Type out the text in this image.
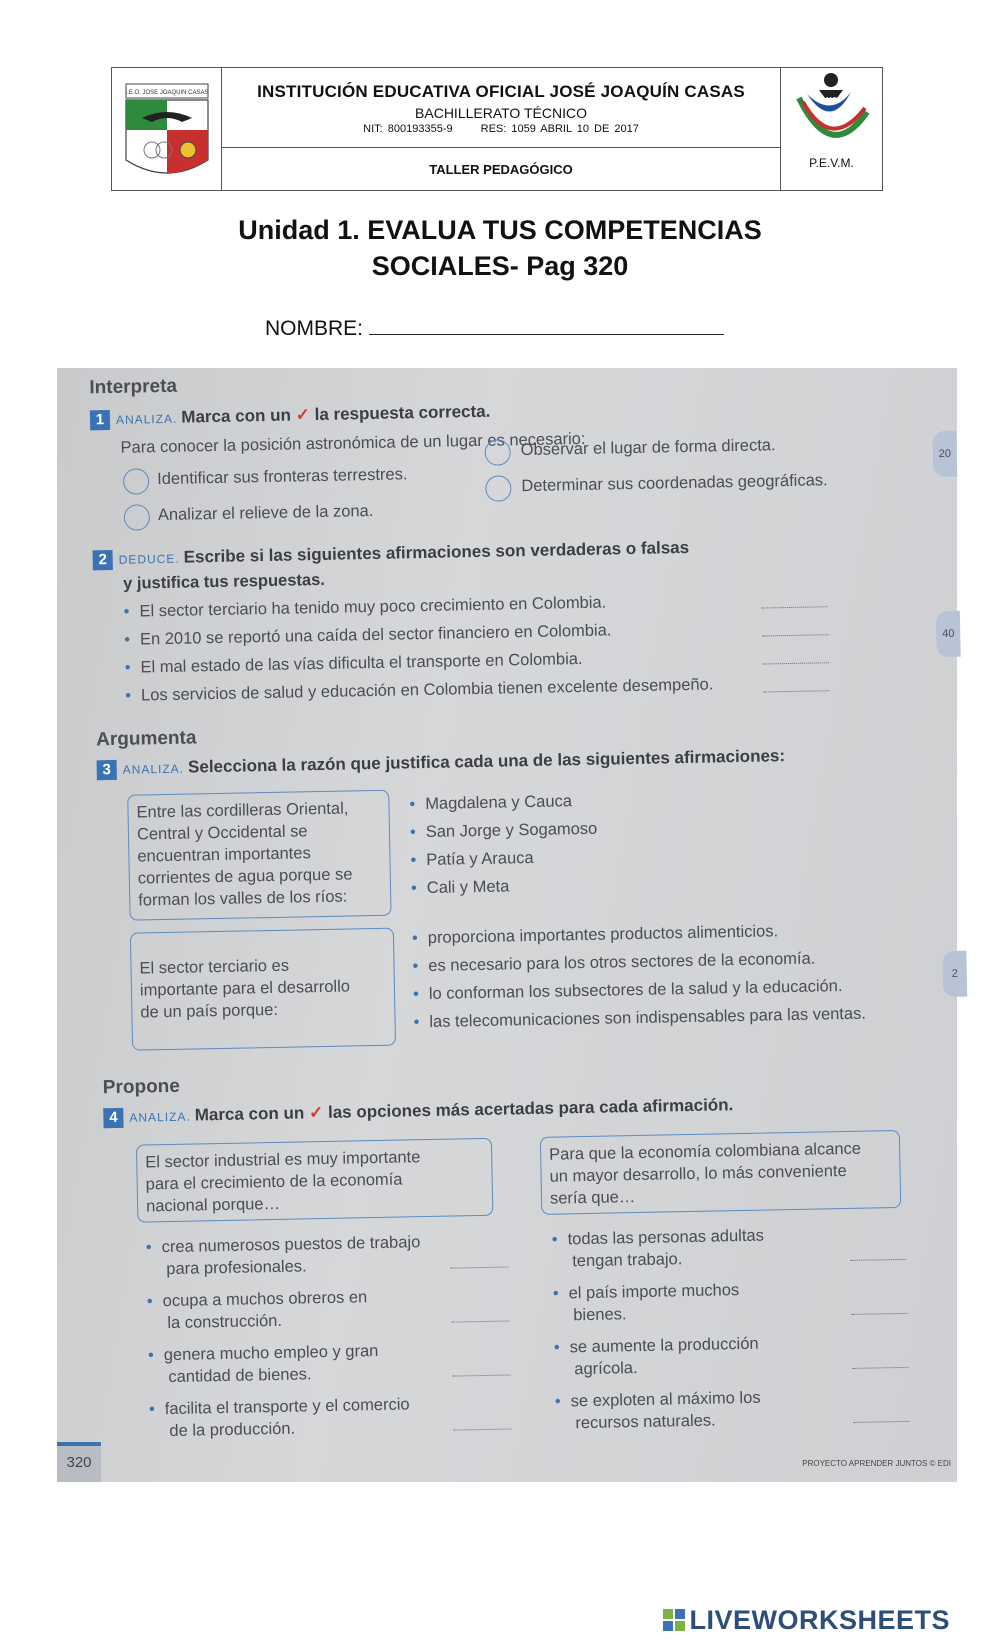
I.E.O. JOSE JOAQUIN CASAS	INSTITUCIÓN EDUCATIVA OFICIAL JOSÉ JOAQUÍN CASAS
BACHILLERATO TÉCNICO
NIT: 800193355-9	RES: 1059 ABRIL 10 DE 2017
TALLER PEDAGÓGICO
JJC
P.E.V.M.
Unidad 1. EVALUA TUS COMPETENCIAS
SOCIALES- Pag 320
NOMBRE:
20
40
2
Interpreta
1 ANALIZA. Marca con un ✓ la respuesta correcta.
Para conocer la posición astronómica de un lugar es necesario:
Identificar sus fronteras terrestres.
Analizar el relieve de la zona.
Observar el lugar de forma directa.
Determinar sus coordenadas geográficas.
2 DEDUCE. Escribe si las siguientes afirmaciones son verdaderas o falsas
y justifica tus respuestas.
• El sector terciario ha tenido muy poco crecimiento en Colombia.
• En 2010 se reportó una caída del sector financiero en Colombia.
• El mal estado de las vías dificulta el transporte en Colombia.
• Los servicios de salud y educación en Colombia tienen excelente desempeño.
Argumenta
3 ANALIZA. Selecciona la razón que justifica cada una de las siguientes afirmaciones:
Entre las cordilleras Oriental,
Central y Occidental se
encuentran importantes
corrientes de agua porque se
forman los valles de los ríos:
• Magdalena y Cauca
• San Jorge y Sogamoso
• Patía y Arauca
• Cali y Meta
El sector terciario es
importante para el desarrollo
de un país porque:
• proporciona importantes productos alimenticios.
• es necesario para los otros sectores de la economía.
• lo conforman los subsectores de la salud y la educación.
• las telecomunicaciones son indispensables para las ventas.
Propone
4 ANALIZA. Marca con un ✓ las opciones más acertadas para cada afirmación.
El sector industrial es muy importante
para el crecimiento de la economía
nacional porque…
Para que la economía colombiana alcance
un mayor desarrollo, lo más conveniente
sería que…
• crea numerosos puestos de trabajo
para profesionales.
• ocupa a muchos obreros en
la construcción.
• genera mucho empleo y gran
cantidad de bienes.
• facilita el transporte y el comercio
de la producción.
• todas las personas adultas
tengan trabajo.
• el país importe muchos
bienes.
• se aumente la producción
agrícola.
• se exploten al máximo los
recursos naturales.
320	PROYECTO APRENDER JUNTOS © EDI
LIVEWORKSHEETS
